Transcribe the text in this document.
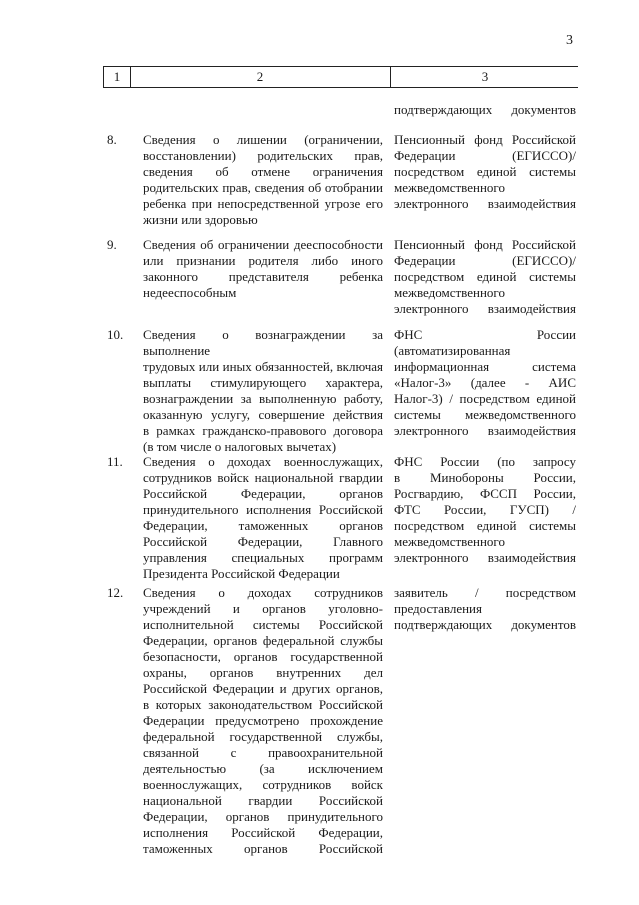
3
1	2	3
подтверждающих документов
8. Сведения о лишении (ограничении,
восстановлении) родительских прав,
сведения об отмене ограничения
родительских прав, сведения об отобрании
ребенка при непосредственной угрозе его
жизни или здоровью
Пенсионный фонд Российской
Федерации (ЕГИССО)/
посредством единой системы
межведомственного
электронного взаимодействия
9. Сведения об ограничении дееспособности
или признании родителя либо иного
законного представителя ребенка
недееспособным
Пенсионный фонд Российской
Федерации (ЕГИССО)/
посредством единой системы
межведомственного
электронного взаимодействия
10. Сведения о вознаграждении за выполнение
трудовых или иных обязанностей, включая
выплаты стимулирующего характера,
вознаграждении за выполненную работу,
оказанную услугу, совершение действия
в рамках гражданско-правового договора
(в том числе о налоговых вычетах)
ФНС России
(автоматизированная
информационная система
«Налог-3» (далее - АИС
Налог-3) / посредством единой
системы межведомственного
электронного взаимодействия
11. Сведения о доходах военнослужащих,
сотрудников войск национальной гвардии
Российской Федерации, органов
принудительного исполнения Российской
Федерации, таможенных органов
Российской Федерации, Главного
управления специальных программ
Президента Российской Федерации
ФНС России (по запросу
в Минобороны России,
Росгвардию, ФССП России,
ФТС России, ГУСП) /
посредством единой системы
межведомственного
электронного взаимодействия
12. Сведения о доходах сотрудников
учреждений и органов уголовно-
исполнительной системы Российской
Федерации, органов федеральной службы
безопасности, органов государственной
охраны, органов внутренних дел
Российской Федерации и других органов,
в которых законодательством Российской
Федерации предусмотрено прохождение
федеральной государственной службы,
связанной с правоохранительной
деятельностью (за исключением
военнослужащих, сотрудников войск
национальной гвардии Российской
Федерации, органов принудительного
исполнения Российской Федерации,
таможенных органов Российской
заявитель / посредством
предоставления
подтверждающих документов
